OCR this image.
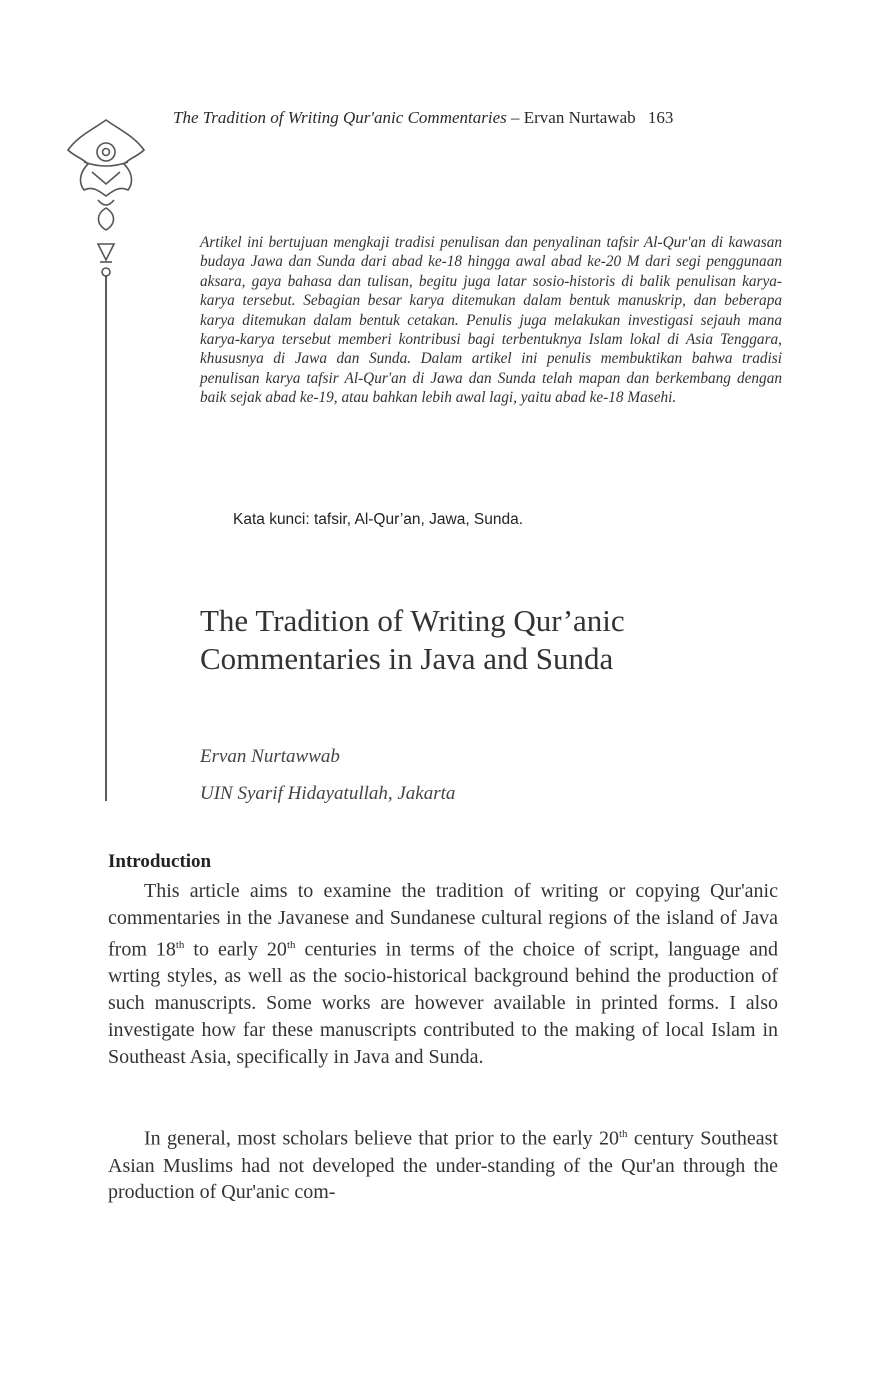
The Tradition of Writing Qur'anic Commentaries – Ervan Nurtawab 163

Artikel ini bertujuan mengkaji tradisi penulisan dan penyalinan tafsir Al-Qur'an di kawasan budaya Jawa dan Sunda dari abad ke-18 hingga awal abad ke-20 M dari segi penggunaan aksara, gaya bahasa dan tulisan, begitu juga latar sosio-historis di balik penulisan karya-karya tersebut. Sebagian besar karya ditemukan dalam bentuk manuskrip, dan beberapa karya ditemukan dalam bentuk cetakan. Penulis juga melakukan investigasi sejauh mana karya-karya tersebut memberi kontribusi bagi terbentuknya Islam lokal di Asia Tenggara, khususnya di Jawa dan Sunda. Dalam artikel ini penulis membuktikan bahwa tradisi penulisan karya tafsir Al-Qur'an di Jawa dan Sunda telah mapan dan berkembang dengan baik sejak abad ke-19, atau bahkan lebih awal lagi, yaitu abad ke-18 Masehi.

Kata kunci: tafsir, Al-Qur’an, Jawa, Sunda.
The Tradition of Writing Qur’anic Commentaries in Java and Sunda
Ervan Nurtawwab
UIN Syarif Hidayatullah, Jakarta
Introduction

This article aims to examine the tradition of writing or copying Qur'anic commentaries in the Javanese and Sundanese cultural regions of the island of Java from 18th to early 20th centuries in terms of the choice of script, language and wrting styles, as well as the socio-historical background behind the production of such manuscripts. Some works are however available in printed forms. I also investigate how far these manuscripts contributed to the making of local Islam in Southeast Asia, specifically in Java and Sunda.

In general, most scholars believe that prior to the early 20th century Southeast Asian Muslims had not developed the under-standing of the Qur'an through the production of Qur'anic com-
